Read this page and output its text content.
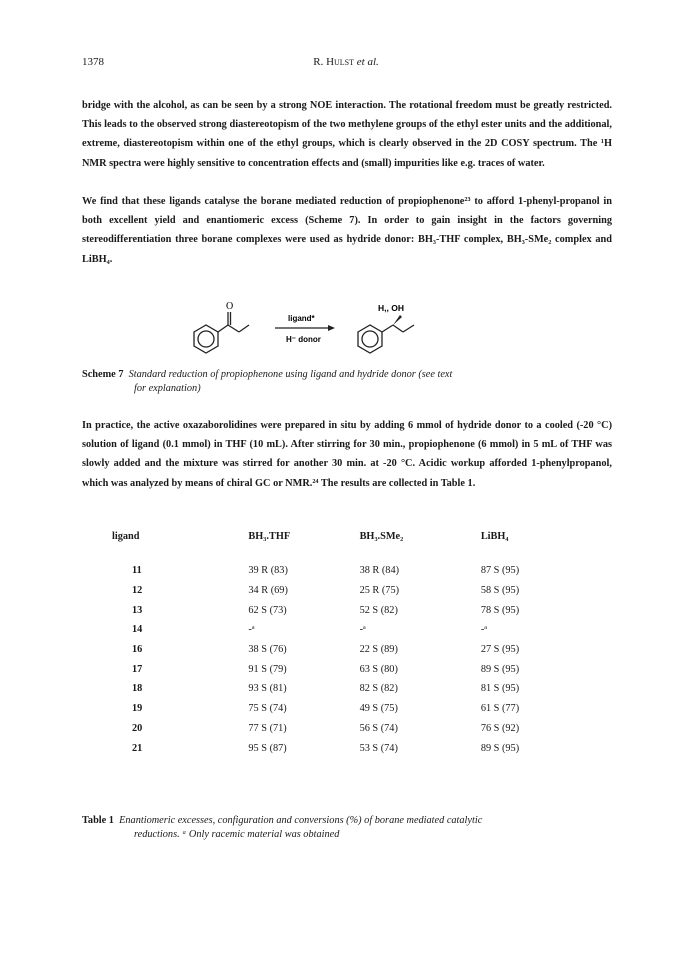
1378	R. Hulst et al.

bridge with the alcohol, as can be seen by a strong NOE interaction. The rotational freedom must be greatly restricted. This leads to the observed strong diastereotopism of the two methylene groups of the ethyl ester units and the additional, extreme, diastereotopism within one of the ethyl groups, which is clearly observed in the 2D COSY spectrum. The ¹H NMR spectra were highly sensitive to concentration effects and (small) impurities like e.g. traces of water.

We find that these ligands catalyse the borane mediated reduction of propiophenone²³ to afford 1-phenyl-propanol in both excellent yield and enantiomeric excess (Scheme 7). In order to gain insight in the factors governing stereodifferentiation three borane complexes were used as hydride donor: BH₃-THF complex, BH₃-SMe₂ complex and LiBH₄.

O
ligand*
H⁻ donor
H,, OH
Scheme 7 Standard reduction of propiophenone using ligand and hydride donor (see text
for explanation)

In practice, the active oxazaborolidines were prepared in situ by adding 6 mmol of hydride donor to a cooled (-20 °C) solution of ligand (0.1 mmol) in THF (10 mL). After stirring for 30 min., propiophenone (6 mmol) in 5 mL of THF was slowly added and the mixture was stirred for another 30 min. at -20 °C. Acidic workup afforded 1-phenylpropanol, which was analyzed by means of chiral GC or NMR.²⁴ The results are collected in Table 1.

ligand	BH₃.THF	BH₃.SMe₂	LiBH₄

11	39 R (83)	38 R (84)	87 S (95)
12	34 R (69)	25 R (75)	58 S (95)
13	62 S (73)	52 S (82)	78 S (95)
14	-ᵃ	-ᵃ	-ᵃ
16	38 S (76)	22 S (89)	27 S (95)
17	91 S (79)	63 S (80)	89 S (95)
18	93 S (81)	82 S (82)	81 S (95)
19	75 S (74)	49 S (75)	61 S (77)
20	77 S (71)	56 S (74)	76 S (92)
21	95 S (87)	53 S (74)	89 S (95)
Table 1 Enantiomeric excesses, configuration and conversions (%) of borane mediated catalytic
reductions. ᵃ Only racemic material was obtained
